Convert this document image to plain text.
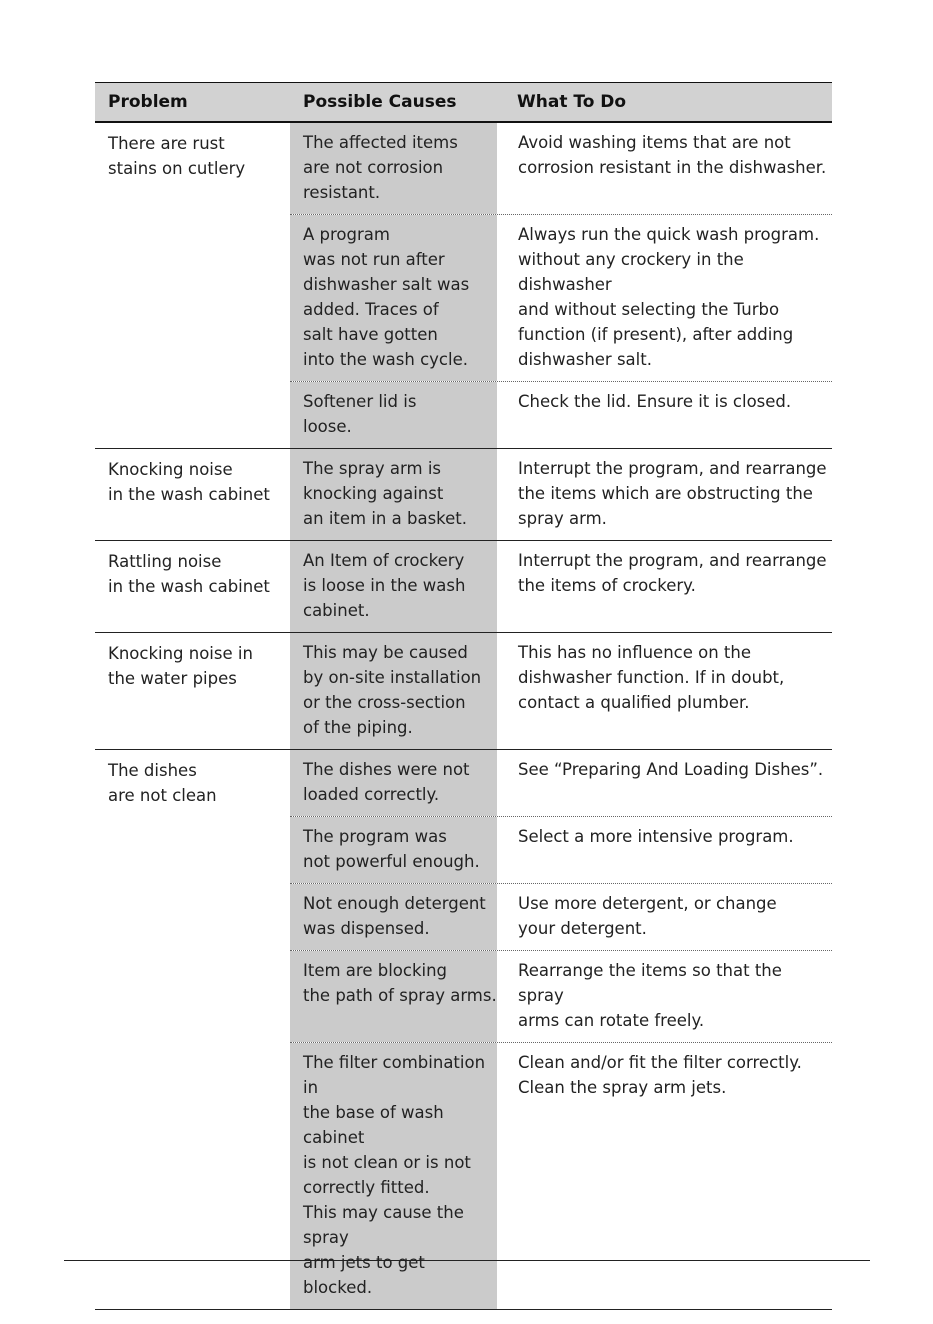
Problem	Possible Causes	What To Do
There are rust
stains on cutlery
The affected items
are not corrosion
resistant.
Avoid washing items that are not
corrosion resistant in the dishwasher.
A program
was not run after
dishwasher salt was
added. Traces of
salt have gotten
into the wash cycle.
Always run the quick wash program.
without any crockery in the dishwasher
and without selecting the Turbo
function (if present), after adding
dishwasher salt.
Softener lid is
loose.
Check the lid. Ensure it is closed.
Knocking noise
in the wash cabinet
The spray arm is
knocking against
an item in a basket.
Interrupt the program, and rearrange
the items which are obstructing the
spray arm.
Rattling noise
in the wash cabinet
An Item of crockery
is loose in the wash
cabinet.
Interrupt the program, and rearrange
the items of crockery.
Knocking noise in
the water pipes
This may be caused
by on-site installation
or the cross-section
of the piping.
This has no influence on the
dishwasher function. If in doubt,
contact a qualified plumber.
The dishes
are not clean
The dishes were not
loaded correctly.
See “Preparing And Loading Dishes”.
The program was
not powerful enough.
Select a more intensive program.
Not enough detergent
was dispensed.
Use more detergent, or change
your detergent.
Item are blocking
the path of spray arms.
Rearrange the items so that the spray
arms can rotate freely.
The filter combination in
the base of wash cabinet
is not clean or is not
correctly fitted.
This may cause the spray
arm jets to get blocked.
Clean and/or fit the filter correctly.
Clean the spray arm jets.
